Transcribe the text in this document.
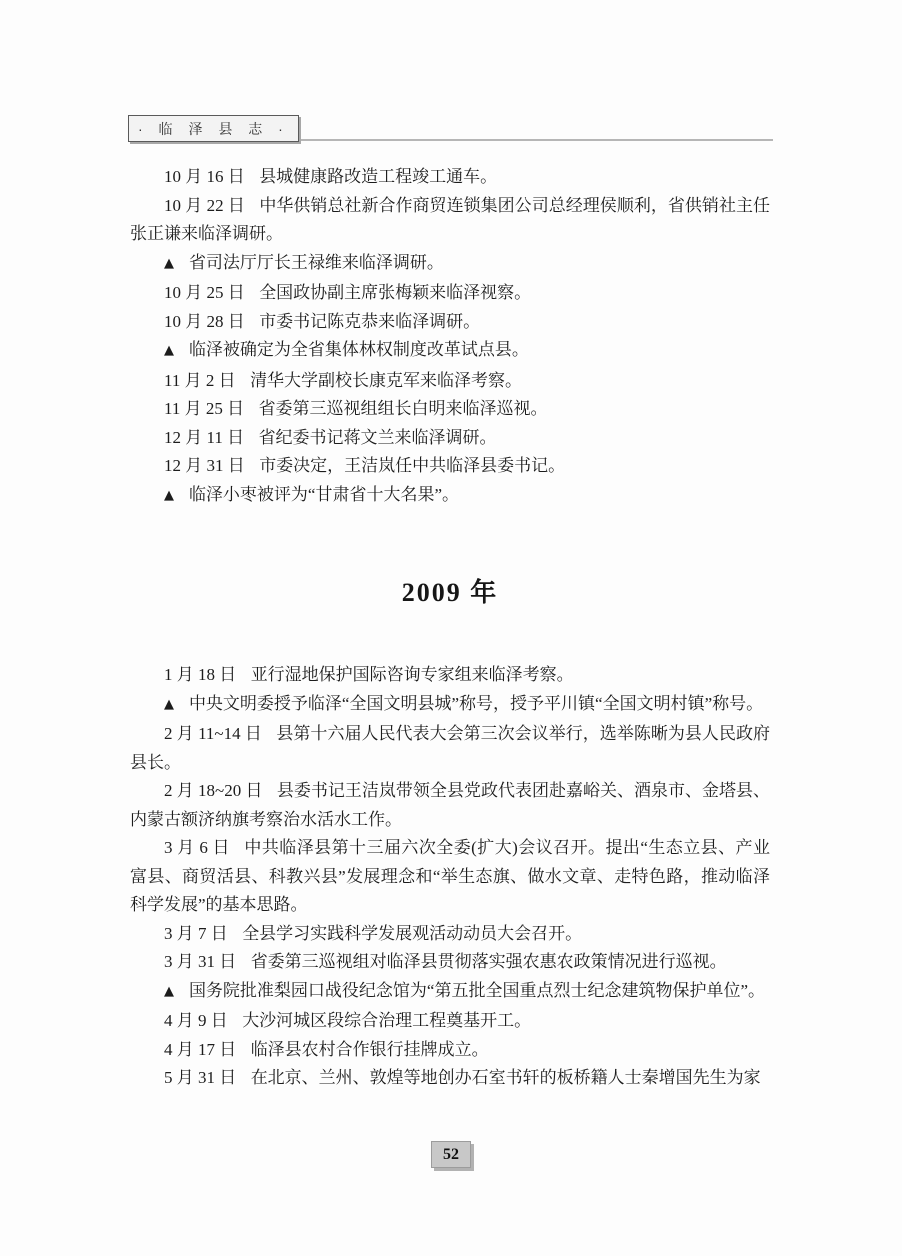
· 临 泽 县 志 ·

10 月 16 日 县城健康路改造工程竣工通车。

10 月 22 日 中华供销总社新合作商贸连锁集团公司总经理侯顺利，省供销社主任张正谦来临泽调研。

▲ 省司法厅厅长王禄维来临泽调研。

10 月 25 日 全国政协副主席张梅颖来临泽视察。

10 月 28 日 市委书记陈克恭来临泽调研。

▲ 临泽被确定为全省集体林权制度改革试点县。

11 月 2 日 清华大学副校长康克军来临泽考察。

11 月 25 日 省委第三巡视组组长白明来临泽巡视。

12 月 11 日 省纪委书记蒋文兰来临泽调研。

12 月 31 日 市委决定，王洁岚任中共临泽县委书记。

▲ 临泽小枣被评为“甘肃省十大名果”。

2009 年

1 月 18 日 亚行湿地保护国际咨询专家组来临泽考察。

▲ 中央文明委授予临泽“全国文明县城”称号，授予平川镇“全国文明村镇”称号。

2 月 11~14 日 县第十六届人民代表大会第三次会议举行，选举陈晰为县人民政府县长。

2 月 18~20 日 县委书记王洁岚带领全县党政代表团赴嘉峪关、酒泉市、金塔县、内蒙古额济纳旗考察治水活水工作。

3 月 6 日 中共临泽县第十三届六次全委(扩大)会议召开。提出“生态立县、产业富县、商贸活县、科教兴县”发展理念和“举生态旗、做水文章、走特色路，推动临泽科学发展”的基本思路。

3 月 7 日 全县学习实践科学发展观活动动员大会召开。

3 月 31 日 省委第三巡视组对临泽县贯彻落实强农惠农政策情况进行巡视。

▲ 国务院批准梨园口战役纪念馆为“第五批全国重点烈士纪念建筑物保护单位”。

4 月 9 日 大沙河城区段综合治理工程奠基开工。

4 月 17 日 临泽县农村合作银行挂牌成立。

5 月 31 日 在北京、兰州、敦煌等地创办石室书轩的板桥籍人士秦增国先生为家

52
